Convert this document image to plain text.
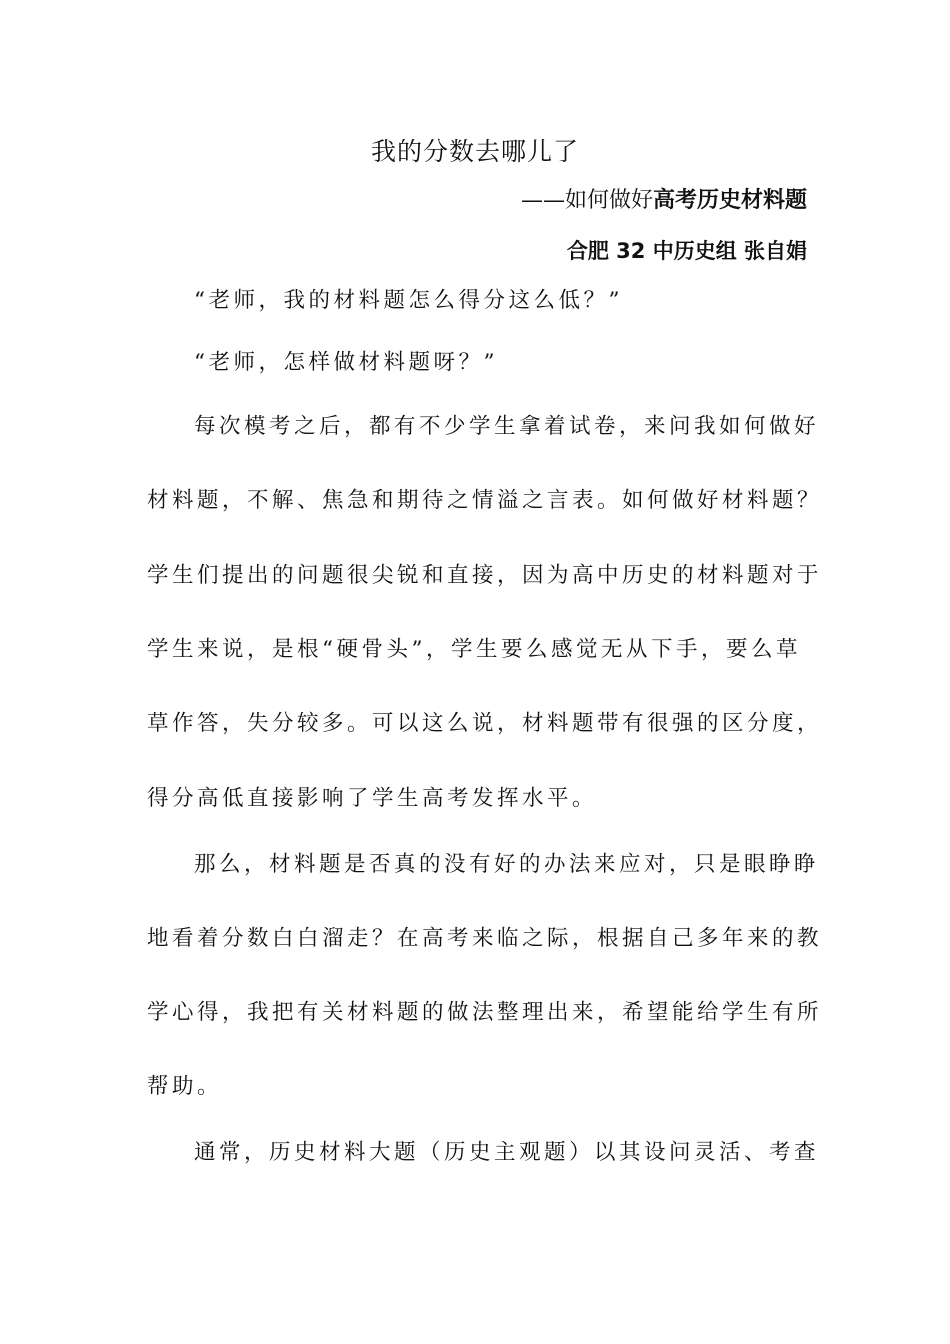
我的分数去哪儿了
——如何做好高考历史材料题
合肥 32 中历史组 张自娟
“老师，我的材料题怎么得分这么低？”
“老师，怎样做材料题呀？”
每次模考之后，都有不少学生拿着试卷，来问我如何做好
材料题，不解、焦急和期待之情溢之言表。如何做好材料题？
学生们提出的问题很尖锐和直接，因为高中历史的材料题对于
学生来说，是根“硬骨头”，学生要么感觉无从下手，要么草
草作答，失分较多。可以这么说，材料题带有很强的区分度，
得分高低直接影响了学生高考发挥水平。
那么，材料题是否真的没有好的办法来应对，只是眼睁睁
地看着分数白白溜走？在高考来临之际，根据自己多年来的教
学心得，我把有关材料题的做法整理出来，希望能给学生有所
帮助。
通常，历史材料大题（历史主观题）以其设问灵活、考查
